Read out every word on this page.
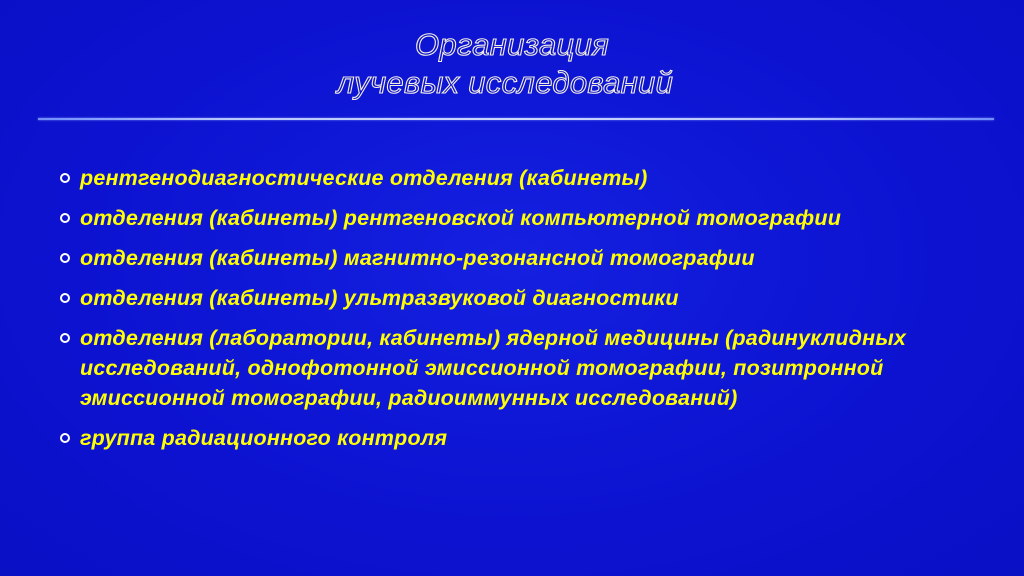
Организация
лучевых исследований
рентгенодиагностические отделения (кабинеты)
отделения (кабинеты) рентгеновской компьютерной томографии
отделения (кабинеты) магнитно-резонансной томографии
отделения (кабинеты) ультразвуковой диагностики
отделения (лаборатории, кабинеты) ядерной медицины (радинуклидных исследований, однофотонной эмиссионной томографии, позитронной эмиссионной томографии, радиоиммунных исследований)
группа радиационного контроля
